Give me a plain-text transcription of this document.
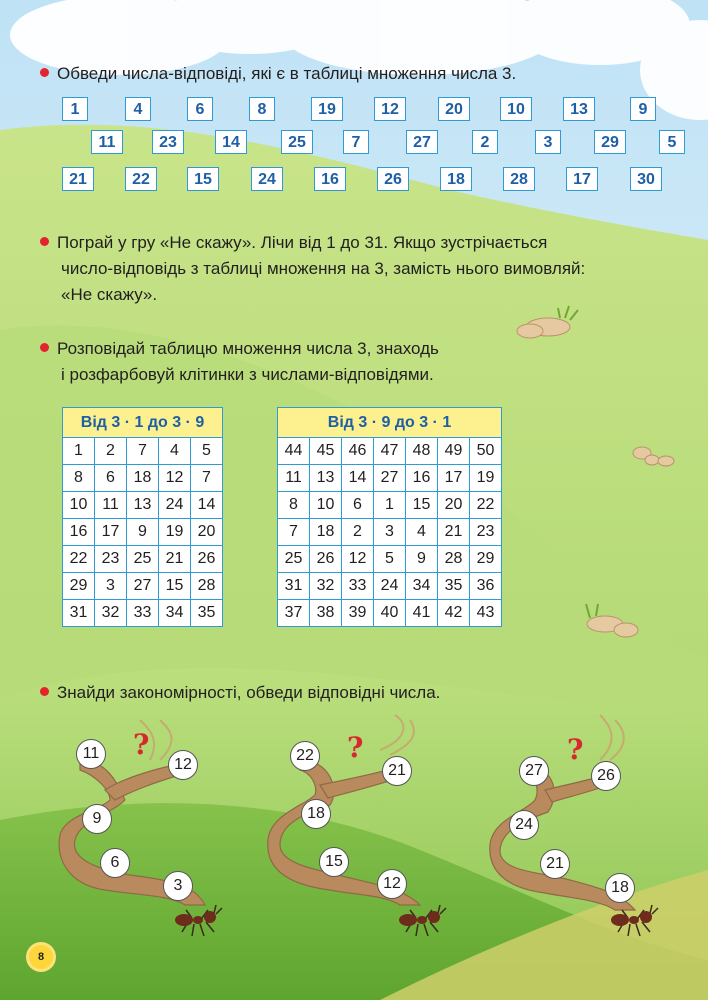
Обведи числа-відповіді, які є в таблиці множення числа 3.
1	4	6	8	19	12	20	10	13	9
11	23	14	25	7	27	2	3	29	5
21	22	15	24	16	26	18	28	17	30
Пограй у гру «Не скажу». Лічи від 1 до 31. Якщо зустрічається
число-відповідь з таблиці множення на 3, замість нього вимовляй:
«Не скажу».
Розповідай таблицю множення числа 3, знаходь
і розфарбовуй клітинки з числами-відповідями.
Від 3 · 1 до 3 · 9				
1	2	7	4	5
8	6	18	12	7
10	11	13	24	14
16	17	9	19	20
22	23	25	21	26
29	3	27	15	28
31	32	33	34	35
Від 3 · 9 до 3 · 1						
44	45	46	47	48	49	50
11	13	14	27	16	17	19
8	10	6	1	15	20	22
7	18	2	3	4	21	23
25	26	12	5	9	28	29
31	32	33	24	34	35	36
37	38	39	40	41	42	43
Знайди закономірності, обведи відповідні числа.
11 ?
12
9
6
3
22 ?
21
18
15
12
27
?
26
24
21
18
8
